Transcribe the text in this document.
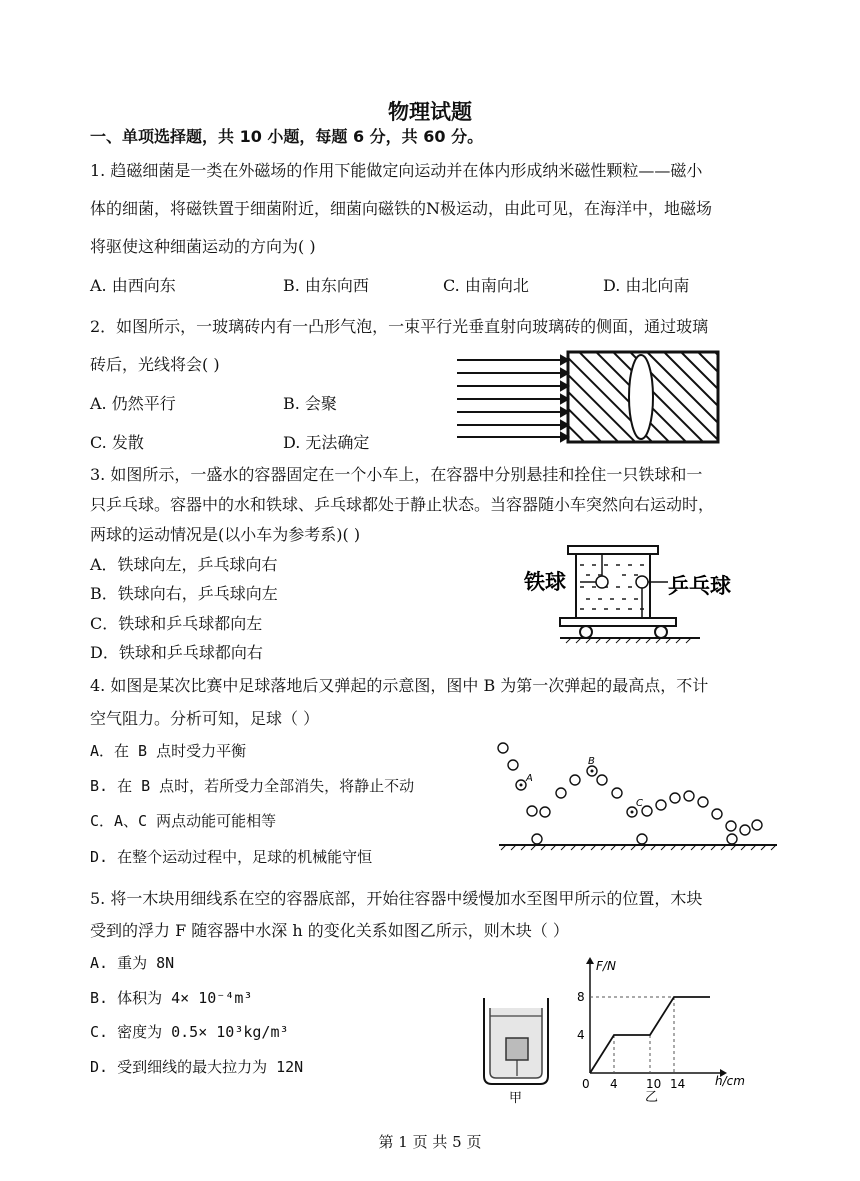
物理试题
一、单项选择题，共 10 小题，每题 6 分，共 60 分。
1. 趋磁细菌是一类在外磁场的作用下能做定向运动并在体内形成纳米磁性颗粒——磁小
体的细菌，将磁铁置于细菌附近，细菌向磁铁的N极运动，由此可见，在海洋中，地磁场
将驱使这种细菌运动的方向为( )
A. 由西向东	B. 由东向西	C. 由南向北	D. 由北向南
2．如图所示，一玻璃砖内有一凸形气泡，一束平行光垂直射向玻璃砖的侧面，通过玻璃
砖后，光线将会( )
A. 仍然平行	B. 会聚
C. 发散	D. 无法确定
3. 如图所示，一盛水的容器固定在一个小车上，在容器中分别悬挂和拴住一只铁球和一
只乒乓球。容器中的水和铁球、乒乓球都处于静止状态。当容器随小车突然向右运动时，
两球的运动情况是(以小车为参考系)( )
A．铁球向左，乒乓球向右
B．铁球向右，乒乓球向左
C．铁球和乒乓球都向左
D．铁球和乒乓球都向右
铁球	乒乓球
4. 如图是某次比赛中足球落地后又弹起的示意图，图中 B 为第一次弹起的最高点，不计
空气阻力。分析可知，足球（ ）
A．在 B 点时受力平衡
B. 在 B 点时，若所受力全部消失，将静止不动
C．A、C 两点动能可能相等
D. 在整个运动过程中，足球的机械能守恒
A
B
C
5. 将一木块用细线系在空的容器底部，开始往容器中缓慢加水至图甲所示的位置，木块
受到的浮力 F 随容器中水深 h 的变化关系如图乙所示，则木块（ ）
A. 重为 8N
B. 体积为 4× 10⁻⁴m³
C. 密度为 0.5× 10³kg/m³
D. 受到细线的最大拉力为 12N
甲
0 4 10 14
4
8
h/cm
F/N
乙
第 1 页 共 5 页
